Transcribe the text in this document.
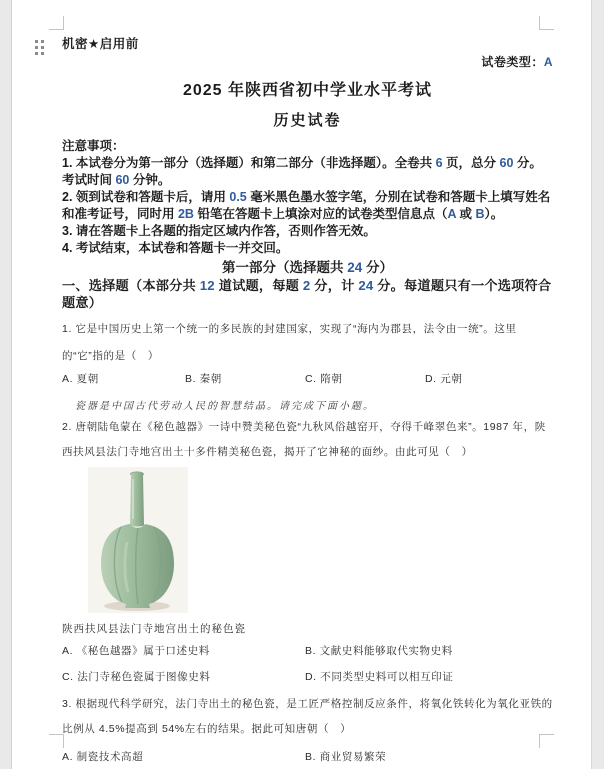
机密★启用前
试卷类型：A
2025 年陕西省初中学业水平考试
历史试卷
注意事项：
1. 本试卷分为第一部分（选择题）和第二部分（非选择题）。全卷共 6 页，总分 60 分。考试时间 60 分钟。
2. 领到试卷和答题卡后，请用 0.5 毫米黑色墨水签字笔，分别在试卷和答题卡上填写姓名和准考证号，同时用 2B 铅笔在答题卡上填涂对应的试卷类型信息点（A 或 B）。
3. 请在答题卡上各题的指定区域内作答，否则作答无效。
4. 考试结束，本试卷和答题卡一并交回。
第一部分（选择题共 24 分）
一、选择题（本部分共 12 道试题，每题 2 分，计 24 分。每道题只有一个选项符合题意）
1. 它是中国历史上第一个统一的多民族的封建国家，实现了“海内为郡县，法令由一统”。这里的“它”指的是（　）
A. 夏朝	B. 秦朝	C. 隋朝	D. 元朝
瓷器是中国古代劳动人民的智慧结晶。请完成下面小题。
2. 唐朝陆龟蒙在《秘色越器》一诗中赞美秘色瓷“九秋风俗越窑开，夺得千峰翠色来”。1987 年，陕西扶风县法门寺地宫出土十多件精美秘色瓷，揭开了它神秘的面纱。由此可见（　）
陕西扶风县法门寺地宫出土的秘色瓷
A. 《秘色越器》属于口述史料	B. 文献史料能够取代实物史料
C. 法门寺秘色瓷属于图像史料	D. 不同类型史料可以相互印证
3. 根据现代科学研究，法门寺出土的秘色瓷，是工匠严格控制反应条件，将氧化铁转化为氧化亚铁的比例从 4.5%提高到 54%左右的结果。据此可知唐朝（　）
A. 制瓷技术高超	B. 商业贸易繁荣
